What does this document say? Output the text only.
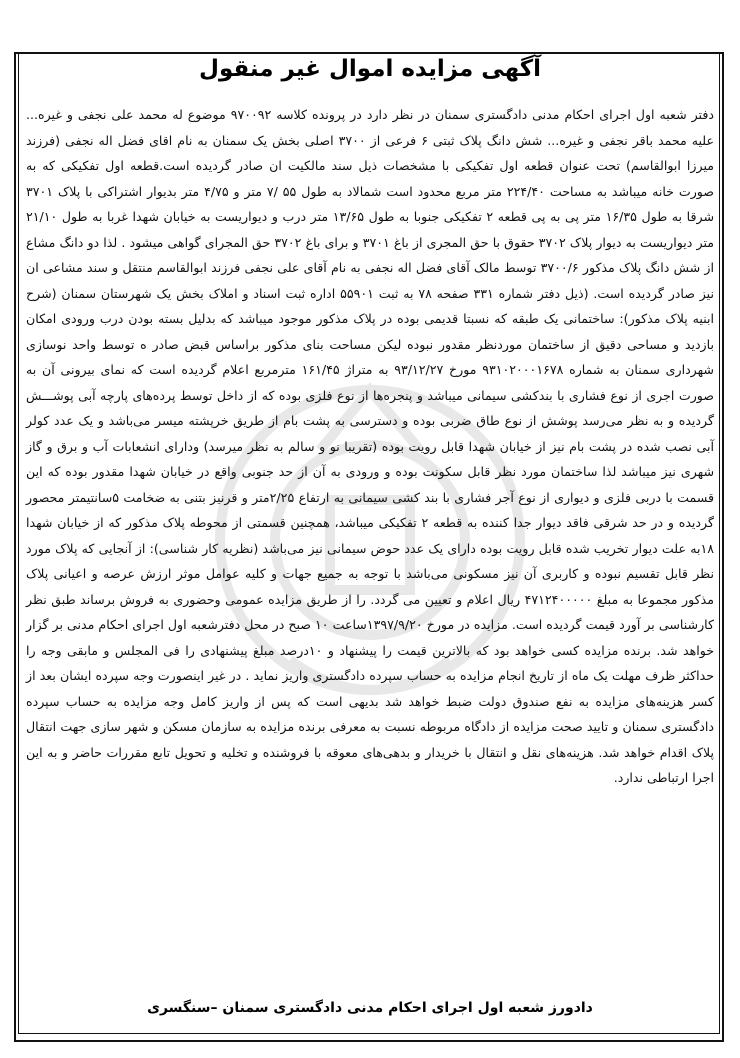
آگهی مزایده اموال غیر منقول

دفتر شعبه اول اجرای احکام مدنی دادگستری سمنان در نظر دارد در پرونده کلاسه ۹۷۰۰۹۲ موضوع له محمد علی نجفی و غیره... علیه محمد باقر نجفی و غیره... شش دانگ پلاک ثبتی ۶ فرعی از ۳۷۰۰ اصلی بخش یک سمنان به نام اقای فضل اله نجفی (فرزند میرزا ابوالقاسم) تحت عنوان قطعه اول تفکیکی با مشخصات ذیل سند مالکیت ان صادر گردیده است.قطعه اول تفکیکی که به صورت خانه میباشد به مساحت ۲۲۴/۴۰ متر مربع محدود است شمالاد به طول ۵۵ /۷ متر و ۴/۷۵ متر بدیوار اشتراکی با پلاک ۳۷۰۱ شرقا به طول ۱۶/۳۵ متر پی به پی قطعه ۲ تفکیکی جنوبا به طول ۱۳/۶۵ متر درب و دیواریست به خیابان شهدا غربا به طول ۲۱/۱۰ متر دیواریست به دیوار پلاک ۳۷۰۲ حقوق با حق المجری از باغ ۳۷۰۱ و برای باغ ۳۷۰۲ حق المجرای گواهی میشود . لذا دو دانگ مشاع از شش دانگ پلاک مذکور ۳۷۰۰/۶ توسط مالک آقای فضل اله نجفی به نام آقای علی نجفی فرزند ابوالقاسم منتقل و سند مشاعی ان نیز صادر گردیده است. (ذیل دفتر شماره ۳۳۱ صفحه ۷۸ به ثبت ۵۵۹۰۱ اداره ثبت اسناد و املاک بخش یک شهرستان سمنان (شرح ابنیه پلاک مذکور): ساختمانی یک طبقه که نسبتا قدیمی بوده در پلاک مذکور موجود میباشد که بدلیل بسته بودن درب ورودی امکان بازدید و مساحی دقیق از ساختمان موردنظر مقدور نبوده لیکن مساحت بنای مذکور براساس قبض صادر ه توسط واحد نوسازی شهرداری سمنان به شماره ۹۳۱۰۲۰۰۰۱۶۷۸ مورخ ۹۳/۱۲/۲۷ به متراژ ۱۶۱/۴۵ مترمربع اعلام گردیده است که نمای بیرونی آن به صورت اجری از نوع فشاری با بندکشی سیمانی میباشد و پنجره‌ها از نوع فلزی بوده که از داخل توسط پرده‌های پارچه آبی پوشـــش گردیده و به نظر می‌رسد پوشش از نوع طاق ضربی بوده و دسترسی به پشت بام از طریق خرپشته میسر می‌باشد و یک عدد کولر آبی نصب شده در پشت بام نیز از خیابان شهدا قابل رویت بوده (تقریبا نو و سالم به نظر میرسد) ودارای انشعابات آب و برق و گاز شهری نیز میباشد لذا ساختمان مورد نظر قابل سکونت بوده و ورودی به آن از حد جنوبی واقع در خیابان شهدا مقدور بوده که این قسمت با دربی فلزی و دیواری از نوع آجر فشاری با بند کشی سیمانی به ارتفاع ۲/۲۵متر و قرنیز بتنی به ضخامت ۵سانتیمتر محصور گردیده و در حد شرقی فاقد دیوار جدا کننده به قطعه ۲ تفکیکی میباشد، همچنین قسمتی از محوطه پلاک مذکور که از خیابان شهدا ۱۸به علت دیوار تخریب شده قابل رویت بوده دارای یک عدد حوض سیمانی نیز می‌باشد (نظریه کار شناسی): از آنجایی که پلاک مورد نظر قابل تقسیم نبوده و کاربری آن نیز مسکونی می‌باشد با توجه به جمیع جهات و کلیه عوامل موثر ارزش عرصه و اعیانی پلاک مذکور مجموعا به مبلغ ۴۷۱۲۴۰۰۰۰۰ ریال اعلام و تعیین می گردد. را از طریق مزایده عمومی وحضوری به فروش برساند طبق نظر کارشناسی بر آورد قیمت گردیده است. مزایده در مورخ ۱۳۹۷/۹/۲۰ساعت ۱۰ صبح در محل دفترشعبه اول اجرای احکام مدنی بر گزار خواهد شد. برنده مزایده کسی خواهد بود که بالاترین قیمت را پیشنهاد و ۱۰درصد مبلغ پیشنهادی را فی المجلس و مابقی وجه را حداکثر ظرف مهلت یک ماه از تاریخ انجام مزایده به حساب سپرده دادگستری واریز نماید . در غیر اینصورت وجه سپرده ایشان بعد از کسر هزینه‌های مزایده به نفع صندوق دولت ضبط خواهد شد بدیهی است که پس از واریز کامل وجه مزایده به حساب سپرده دادگستری سمنان و تایید صحت مزایده از دادگاه مربوطه نسبت به معرفی برنده مزایده به سازمان مسکن و شهر سازی جهت انتقال پلاک اقدام خواهد شد. هزینه‌های نقل و انتقال با خریدار و بدهی‌های معوقه با فروشنده و تخلیه و تحویل تابع مقررات حاضر و به این اجرا ارتباطی ندارد.

دادورز شعبه اول اجرای احکام مدنی دادگستری سمنان –سنگسری
